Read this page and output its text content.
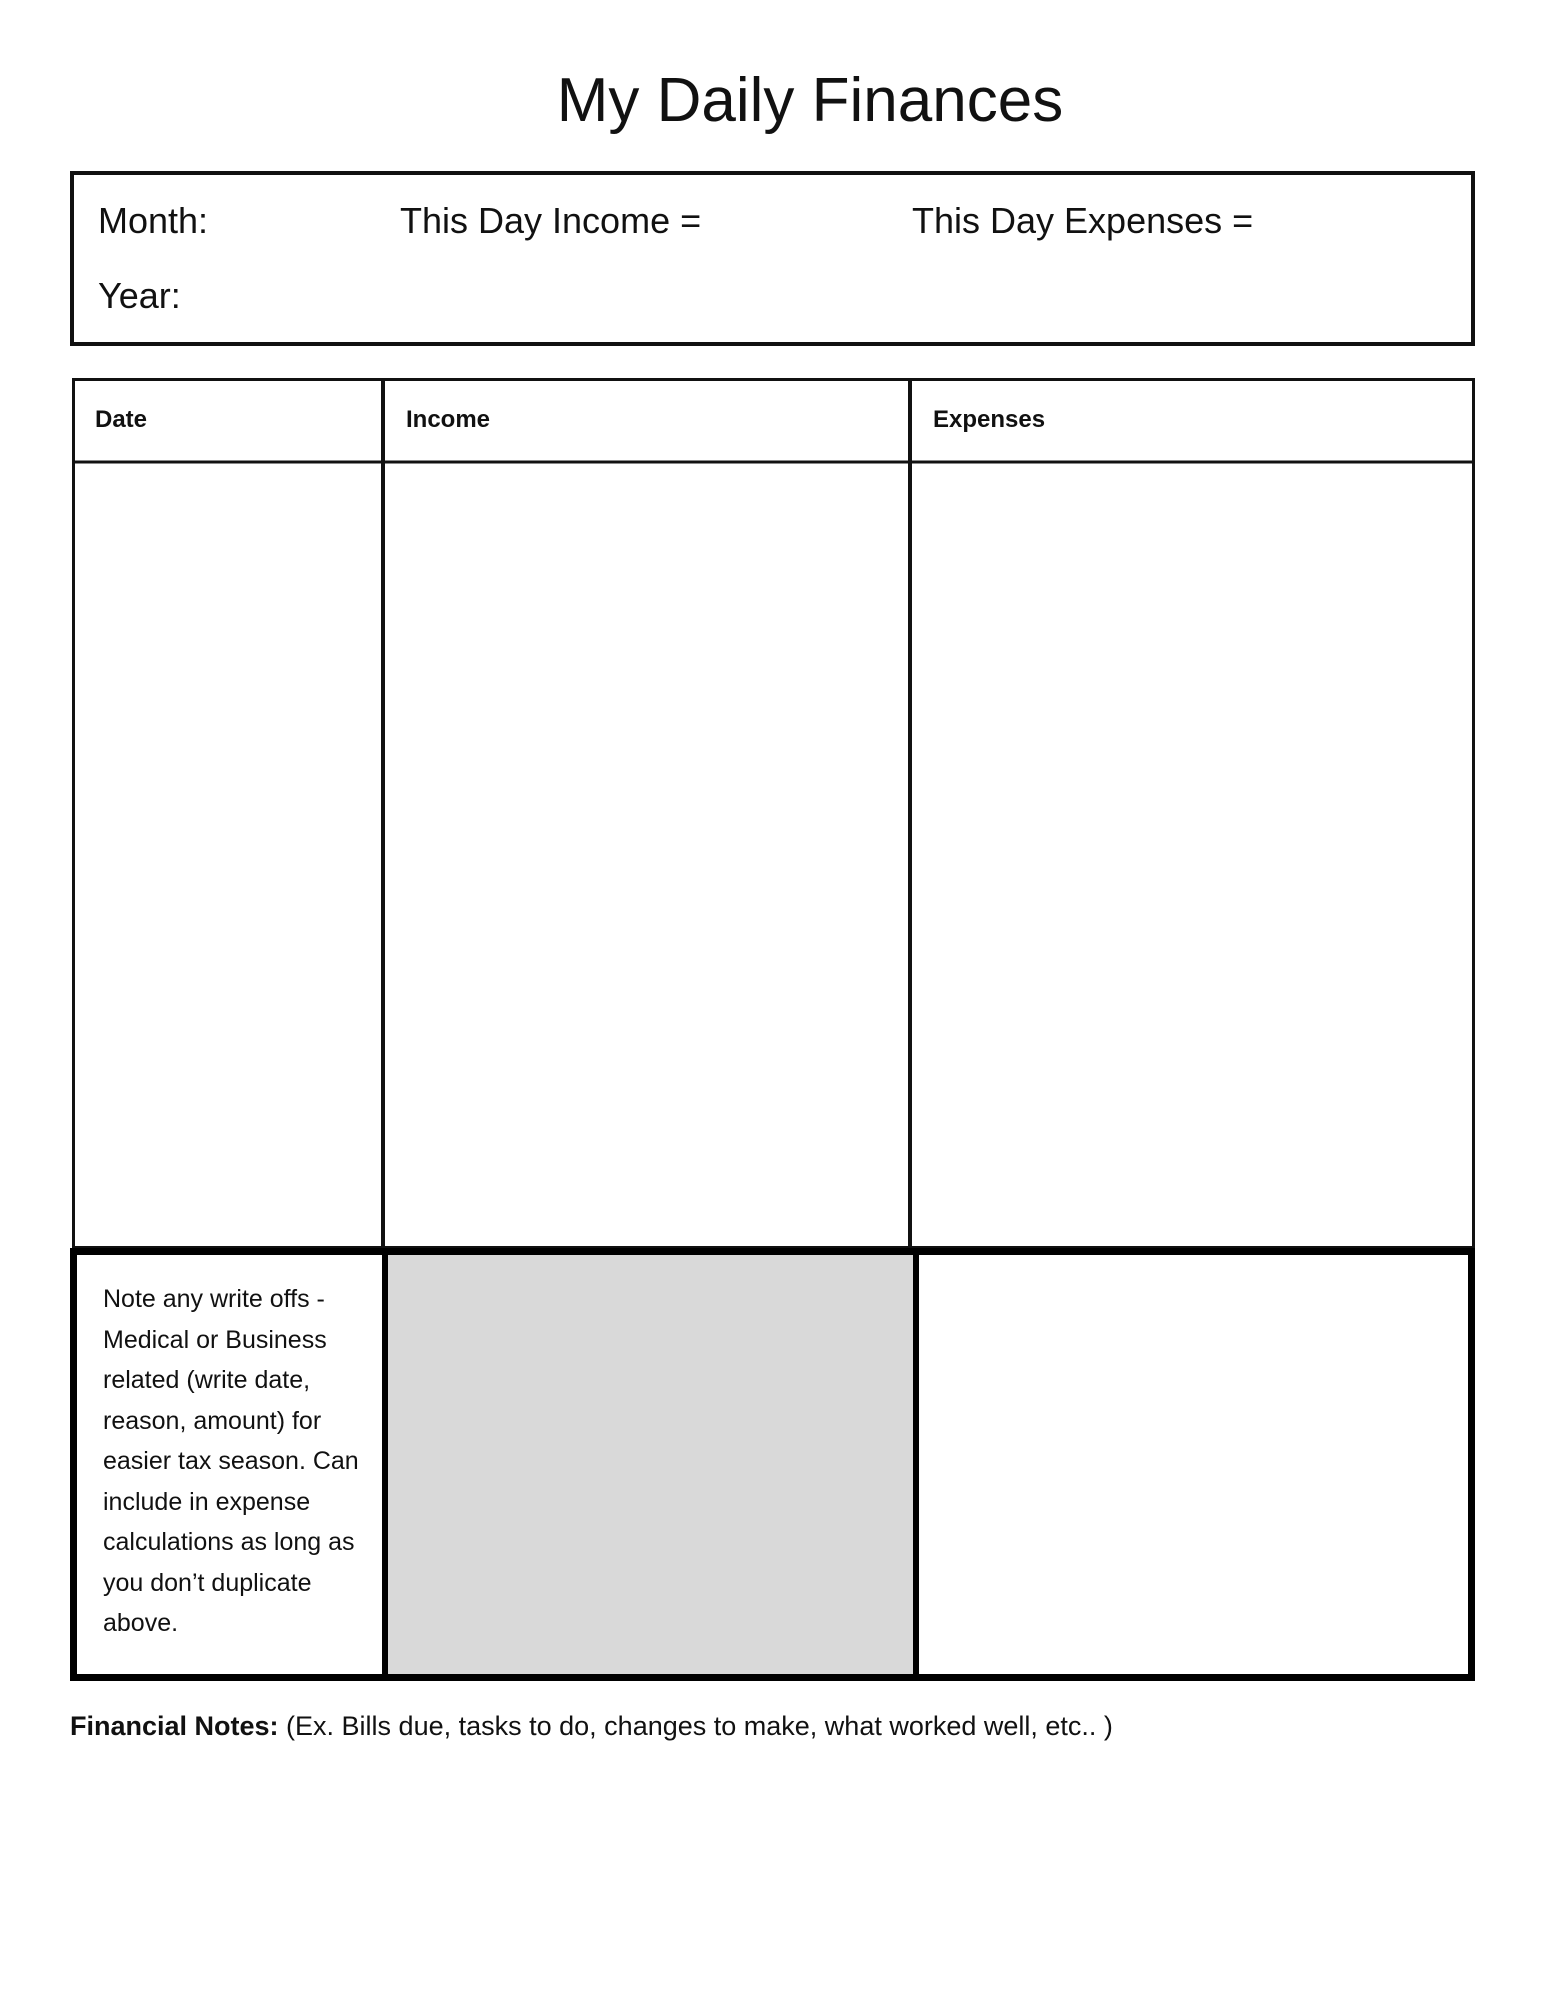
My Daily Finances
Month:	This Day Income =	This Day Expenses =
Year:
Date	Income	Expenses
Note any write offs -
Medical or Business
related (write date,
reason, amount) for
easier tax season. Can
include in expense
calculations as long as
you don’t duplicate
above.
Financial Notes: (Ex. Bills due, tasks to do, changes to make, what worked well, etc.. )
